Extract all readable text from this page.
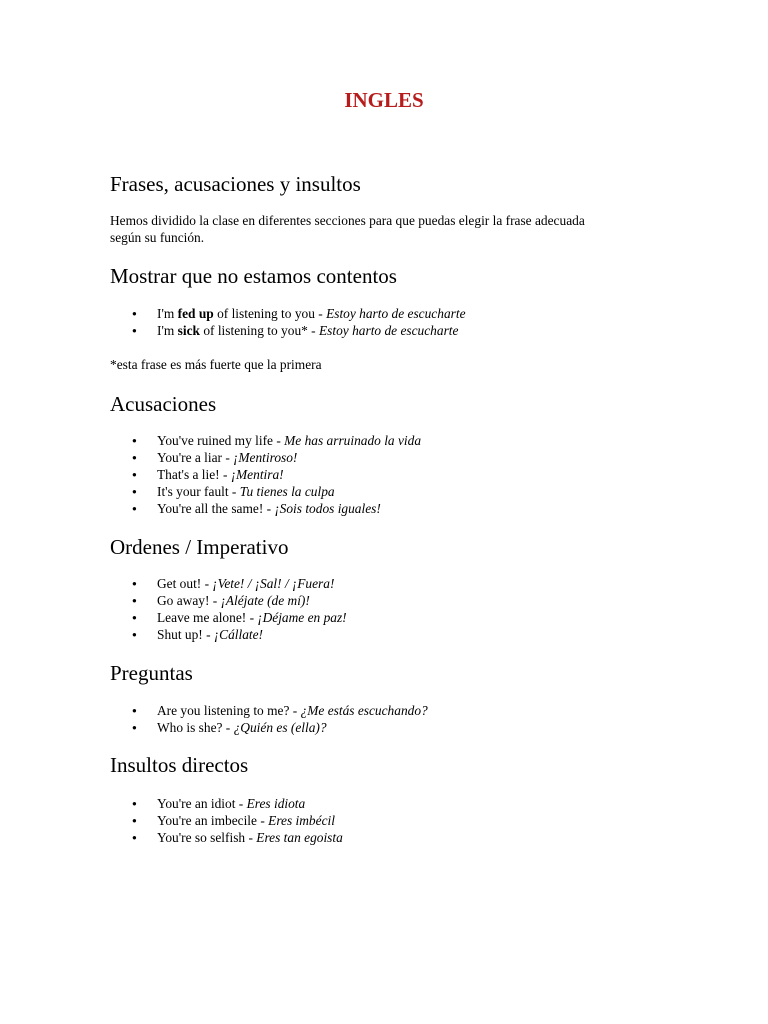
INGLES
Frases, acusaciones y insultos

Hemos dividido la clase en diferentes secciones para que puedas elegir la frase adecuada según su función.

Mostrar que no estamos contentos
● I'm fed up of listening to you - Estoy harto de escucharte
● I'm sick of listening to you* - Estoy harto de escucharte

*esta frase es más fuerte que la primera

Acusaciones
● You've ruined my life - Me has arruinado la vida
● You're a liar - ¡Mentiroso!
● That's a lie! - ¡Mentira!
● It's your fault - Tu tienes la culpa
● You're all the same! - ¡Sois todos iguales!
Ordenes / Imperativo
● Get out! - ¡Vete! / ¡Sal! / ¡Fuera!
● Go away! - ¡Aléjate (de mí)!
● Leave me alone! - ¡Déjame en paz!
● Shut up! - ¡Cállate!
Preguntas
● Are you listening to me? - ¿Me estás escuchando?
● Who is she? - ¿Quién es (ella)?
Insultos directos
● You're an idiot - Eres idiota
● You're an imbecile - Eres imbécil
● You're so selfish - Eres tan egoista
